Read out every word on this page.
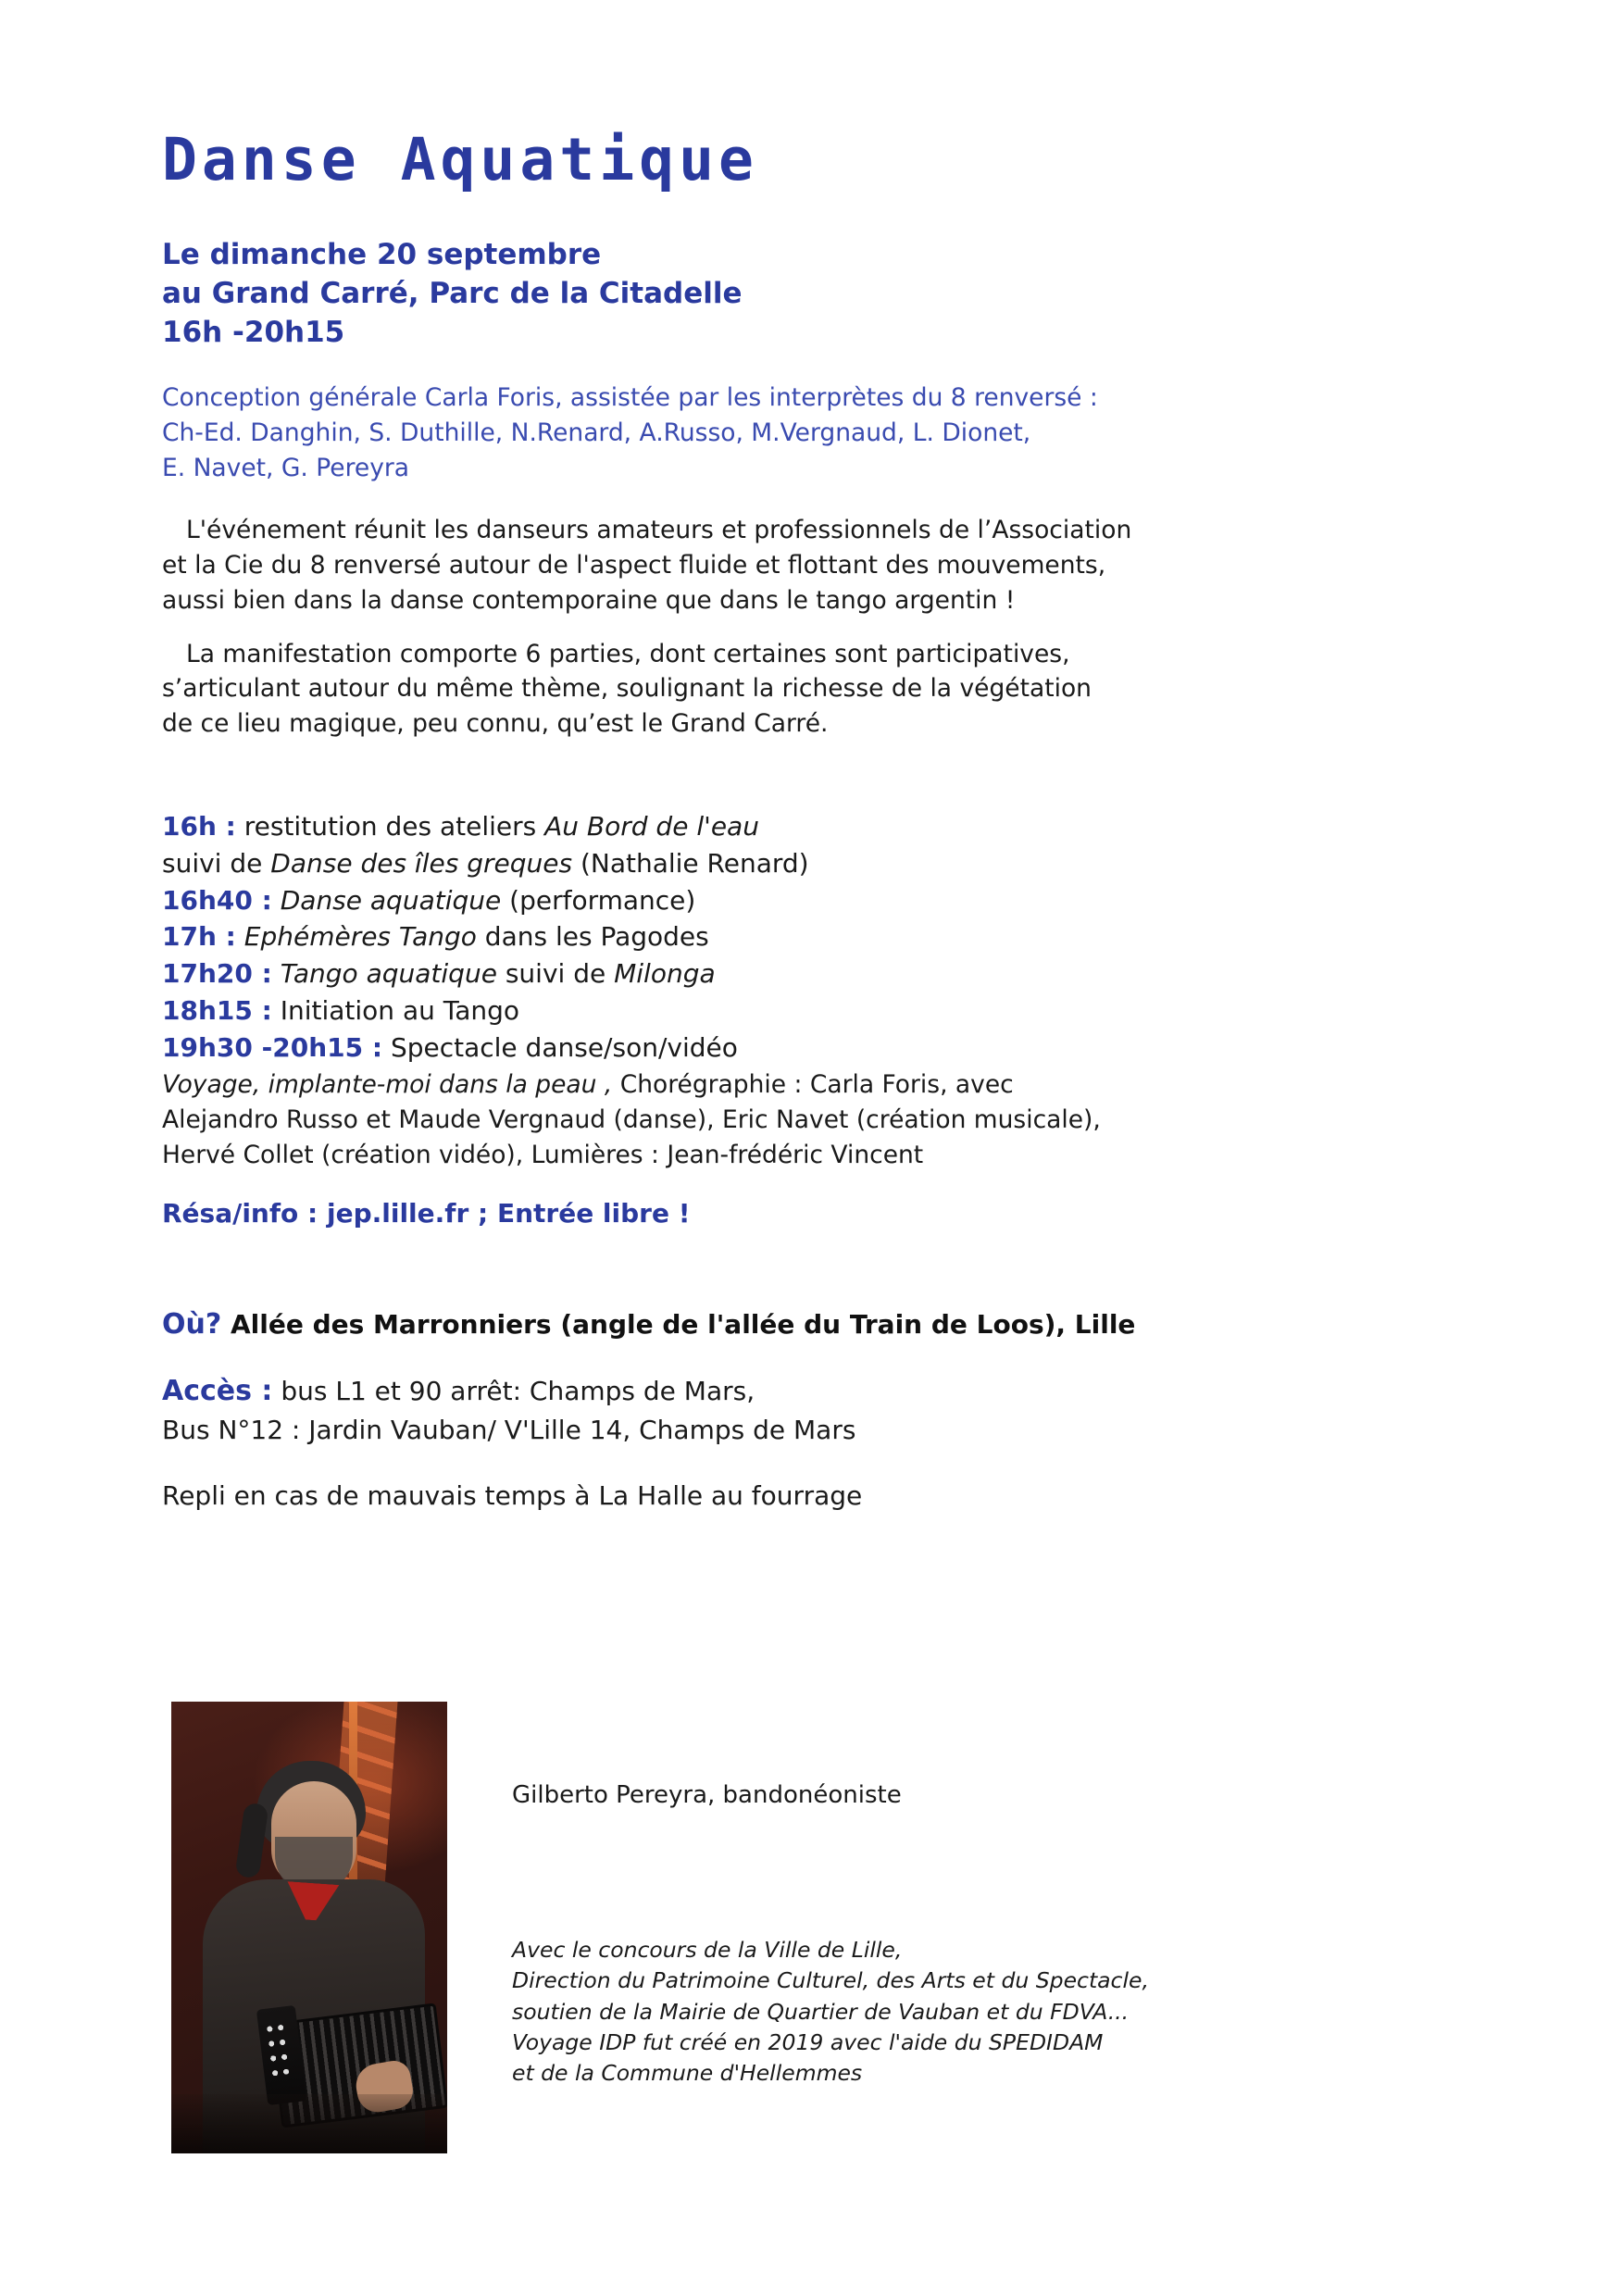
Danse Aquatique
Le dimanche 20 septembre
au Grand Carré, Parc de la Citadelle
16h -20h15
Conception générale Carla Foris, assistée par les interprètes du 8 renversé :
Ch-Ed. Danghin, S. Duthille, N.Renard, A.Russo, M.Vergnaud, L. Dionet,
E. Navet, G. Pereyra
L'événement réunit les danseurs amateurs et professionnels de l’Association
et la Cie du 8 renversé autour de l'aspect fluide et flottant des mouvements,
aussi bien dans la danse contemporaine que dans le tango argentin !
La manifestation comporte 6 parties, dont certaines sont participatives,
s’articulant autour du même thème, soulignant la richesse de la végétation
de ce lieu magique, peu connu, qu’est le Grand Carré.
16h : restitution des ateliers Au Bord de l'eau
suivi de Danse des îles greques (Nathalie Renard)
16h40 : Danse aquatique (performance)
17h : Ephémères Tango dans les Pagodes
17h20 : Tango aquatique suivi de Milonga
18h15 : Initiation au Tango
19h30 -20h15 : Spectacle danse/son/vidéo
Voyage, implante-moi dans la peau , Chorégraphie : Carla Foris, avec
Alejandro Russo et Maude Vergnaud (danse), Eric Navet (création musicale),
Hervé Collet (création vidéo), Lumières : Jean-frédéric Vincent
Résa/info : jep.lille.fr ; Entrée libre !
Où? Allée des Marronniers (angle de l'allée du Train de Loos), Lille
Accès : bus L1 et 90 arrêt: Champs de Mars,
Bus N°12 : Jardin Vauban/ V'Lille 14, Champs de Mars
Repli en cas de mauvais temps à La Halle au fourrage
Gilberto Pereyra, bandonéoniste
Avec le concours de la Ville de Lille,
Direction du Patrimoine Culturel, des Arts et du Spectacle,
soutien de la Mairie de Quartier de Vauban et du FDVA...
Voyage IDP fut créé en 2019 avec l'aide du SPEDIDAM
et de la Commune d'Hellemmes
